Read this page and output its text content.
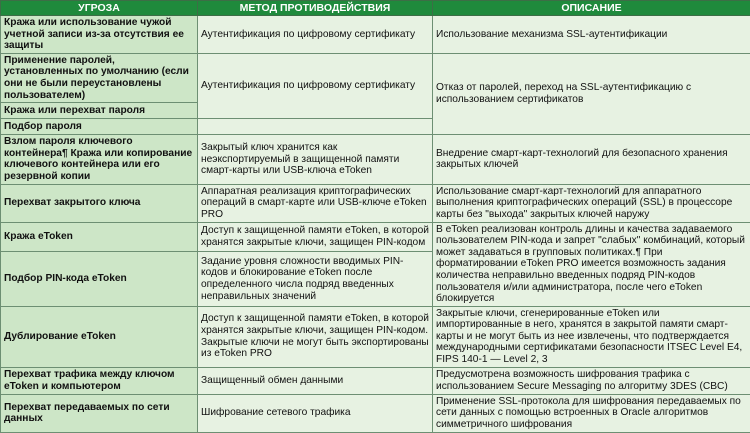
УГРОЗА	МЕТОД ПРОТИВОДЕЙСТВИЯ	ОПИСАНИЕ
Кража или использование чужой учетной записи из-за отсутствия ее защиты	Аутентификация по цифровому сертификату	Использование механизма SSL-аутентификации
Применение паролей, установленных по умолчанию (если они не были переустановлены пользователем)	Аутентификация по цифровому сертификату	Отказ от паролей, переход на SSL-аутентификацию с использованием сертификатов
Кража или перехват пароля		
Подбор пароля		
Взлом пароля ключевого контейнера¶ Кража или копирование ключевого контейнера или его резервной копии	Закрытый ключ хранится как неэкспортируемый в защищенной памяти смарт-карты или USB-ключа eToken	Внедрение смарт-карт-технологий для безопасного хранения закрытых ключей
Перехват закрытого ключа	Аппаратная реализация криптографических операций в смарт-карте или USB-ключе eToken PRO	Использование смарт-карт-технологий для аппаратного выполнения криптографических операций (SSL) в процессоре карты без "выхода" закрытых ключей наружу
Кража eToken	Доступ к защищенной памяти eToken, в которой хранятся закрытые ключи, защищен PIN-кодом	В eToken реализован контроль длины и качества задаваемого пользователем PIN-кода и запрет "слабых" комбинаций, который может задаваться в групповых политиках.¶ При форматировании eToken PRO имеется возможность задания количества неправильно введенных подряд PIN-кодов пользователя и/или администратора, после чего eToken блокируется
Подбор PIN-кода eToken	Задание уровня сложности вводимых PIN-кодов и блокирование eToken после определенного числа подряд введенных неправильных значений	
Дублирование eToken	Доступ к защищенной памяти eToken, в которой хранятся закрытые ключи, защищен PIN-кодом. Закрытые ключи не могут быть экспортированы из eToken PRO	Закрытые ключи, сгенерированные eToken или импортированные в него, хранятся в закрытой памяти смарт-карты и не могут быть из нее извлечены, что подтверждается международными сертификатами безопасности ITSEC Level E4, FIPS 140-1 — Level 2, 3
Перехват трафика между ключом eToken и компьютером	Защищенный обмен данными	Предусмотрена возможность шифрования трафика с использованием Secure Messaging по алгоритму 3DES (CBC)
Перехват передаваемых по сети данных	Шифрование сетевого трафика	Применение SSL-протокола для шифрования передаваемых по сети данных с помощью встроенных в Oracle алгоритмов симметричного шифрования
